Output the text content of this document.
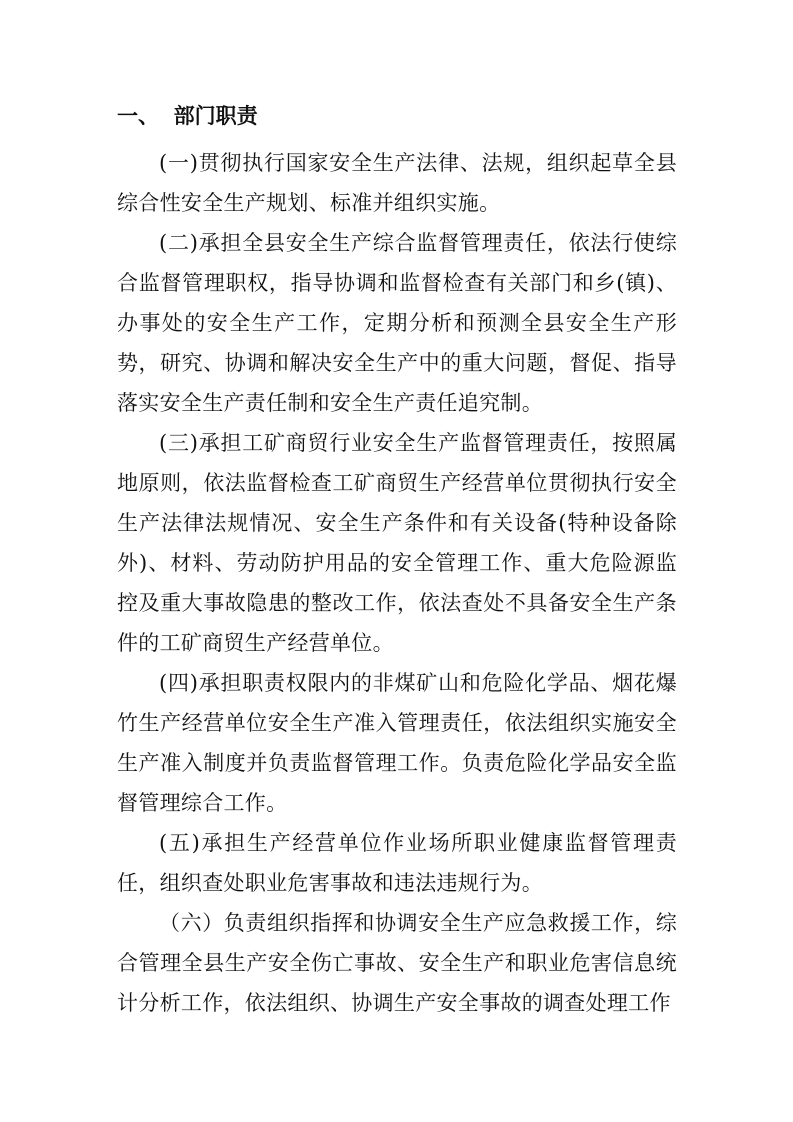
一、  部门职责

(一)贯彻执行国家安全生产法律、法规，组织起草全县综合性安全生产规划、标准并组织实施。

(二)承担全县安全生产综合监督管理责任，依法行使综合监督管理职权，指导协调和监督检查有关部门和乡(镇)、办事处的安全生产工作，定期分析和预测全县安全生产形势，研究、协调和解决安全生产中的重大问题，督促、指导落实安全生产责任制和安全生产责任追究制。

(三)承担工矿商贸行业安全生产监督管理责任，按照属地原则，依法监督检查工矿商贸生产经营单位贯彻执行安全生产法律法规情况、安全生产条件和有关设备(特种设备除外)、材料、劳动防护用品的安全管理工作、重大危险源监控及重大事故隐患的整改工作，依法查处不具备安全生产条件的工矿商贸生产经营单位。

(四)承担职责权限内的非煤矿山和危险化学品、烟花爆竹生产经营单位安全生产准入管理责任，依法组织实施安全生产准入制度并负责监督管理工作。负责危险化学品安全监督管理综合工作。

(五)承担生产经营单位作业场所职业健康监督管理责任，组织查处职业危害事故和违法违规行为。

（六）负责组织指挥和协调安全生产应急救援工作，综合管理全县生产安全伤亡事故、安全生产和职业危害信息统计分析工作，依法组织、协调生产安全事故的调查处理工作
